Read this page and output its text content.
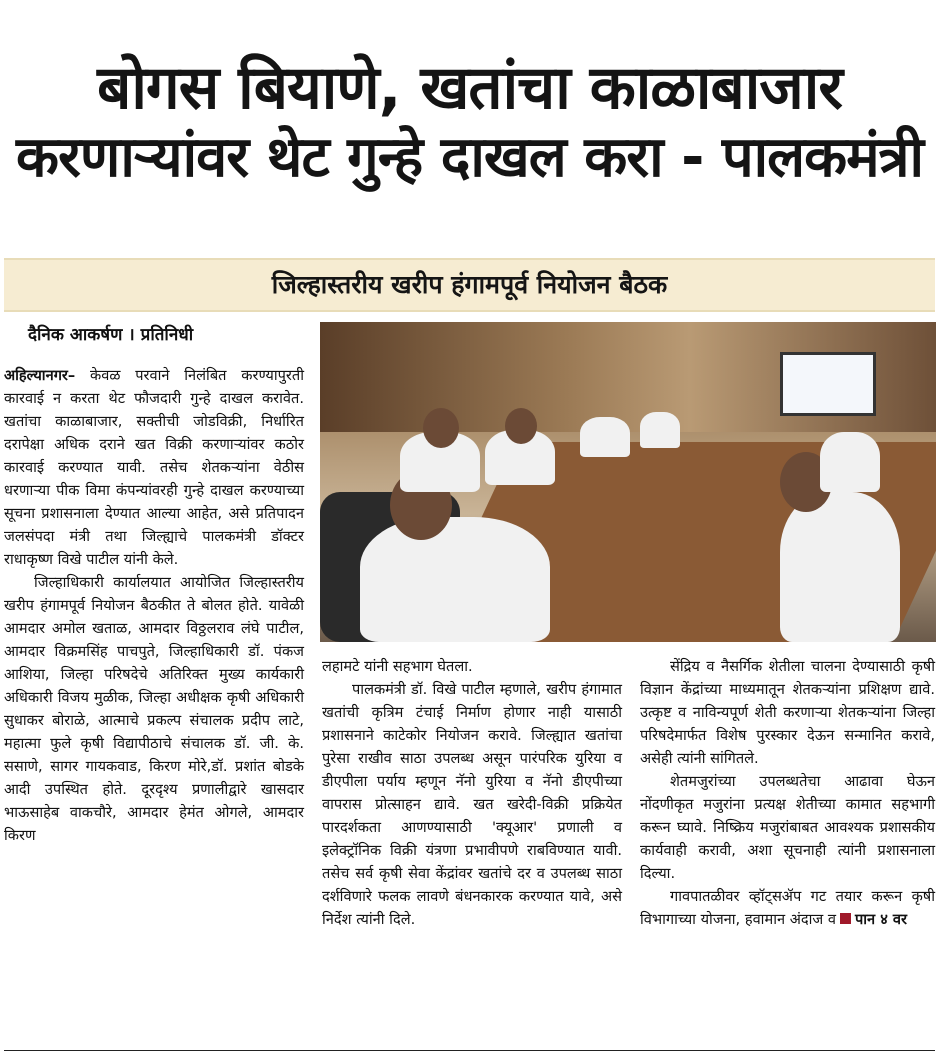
बोगस बियाणे, खतांचा काळाबाजार
करणाऱ्यांवर थेट गुन्हे दाखल करा - पालकमंत्री
जिल्हास्तरीय खरीप हंगामपूर्व नियोजन बैठक
दैनिक आकर्षण । प्रतिनिधी

अहिल्यानगर– केवळ परवाने निलंबित करण्यापुरती कारवाई न करता थेट फौजदारी गुन्हे दाखल करावेत. खतांचा काळाबाजार, सक्तीची जोडविक्री, निर्धारित दरापेक्षा अधिक दराने खत विक्री करणाऱ्यांवर कठोर कारवाई करण्यात यावी. तसेच शेतकऱ्यांना वेठीस धरणाऱ्या पीक विमा कंपन्यांवरही गुन्हे दाखल करण्याच्या सूचना प्रशासनाला देण्यात आल्या आहेत, असे प्रतिपादन जलसंपदा मंत्री तथा जिल्ह्याचे पालकमंत्री डॉक्टर राधाकृष्ण विखे पाटील यांनी केले.

जिल्हाधिकारी कार्यालयात आयोजित जिल्हास्तरीय खरीप हंगामपूर्व नियोजन बैठकीत ते बोलत होते. यावेळी आमदार अमोल खताळ, आमदार विठ्ठलराव लंघे पाटील, आमदार विक्रमसिंह पाचपुते, जिल्हाधिकारी डॉ. पंकज आशिया, जिल्हा परिषदेचे अतिरिक्त मुख्य कार्यकारी अधिकारी विजय मुळीक, जिल्हा अधीक्षक कृषी अधिकारी सुधाकर बोराळे, आत्माचे प्रकल्प संचालक प्रदीप लाटे, महात्मा फुले कृषी विद्यापीठाचे संचालक डॉ. जी. के. ससाणे, सागर गायकवाड, किरण मोरे,डॉ. प्रशांत बोडके आदी उपस्थित होते. दूरदृश्य प्रणालीद्वारे खासदार भाऊसाहेब वाकचौरे, आमदार हेमंत ओगले, आमदार किरण

लहामटे यांनी सहभाग घेतला.

पालकमंत्री डॉ. विखे पाटील म्हणाले, खरीप हंगामात खतांची कृत्रिम टंचाई निर्माण होणार नाही यासाठी प्रशासनाने काटेकोर नियोजन करावे. जिल्ह्यात खतांचा पुरेसा राखीव साठा उपलब्ध असून पारंपरिक युरिया व डीएपीला पर्याय म्हणून नॅनो युरिया व नॅनो डीएपीच्या वापरास प्रोत्साहन द्यावे. खत खरेदी-विक्री प्रक्रियेत पारदर्शकता आणण्यासाठी 'क्यूआर' प्रणाली व इलेक्ट्रॉनिक विक्री यंत्रणा प्रभावीपणे राबविण्यात यावी. तसेच सर्व कृषी सेवा केंद्रांवर खतांचे दर व उपलब्ध साठा दर्शविणारे फलक लावणे बंधनकारक करण्यात यावे, असे निर्देश त्यांनी दिले.

सेंद्रिय व नैसर्गिक शेतीला चालना देण्यासाठी कृषी विज्ञान केंद्रांच्या माध्यमातून शेतकऱ्यांना प्रशिक्षण द्यावे. उत्कृष्ट व नाविन्यपूर्ण शेती करणाऱ्या शेतकऱ्यांना जिल्हा परिषदेमार्फत विशेष पुरस्कार देऊन सन्मानित करावे, असेही त्यांनी सांगितले.

शेतमजुरांच्या उपलब्धतेचा आढावा घेऊन नोंदणीकृत मजुरांना प्रत्यक्ष शेतीच्या कामात सहभागी करून घ्यावे. निष्क्रिय मजुरांबाबत आवश्यक प्रशासकीय कार्यवाही करावी, अशा सूचनाही त्यांनी प्रशासनाला दिल्या.

गावपातळीवर व्हॉट्सॲप गट तयार करून कृषी विभागाच्या योजना, हवामान अंदाज व पान ४ वर
